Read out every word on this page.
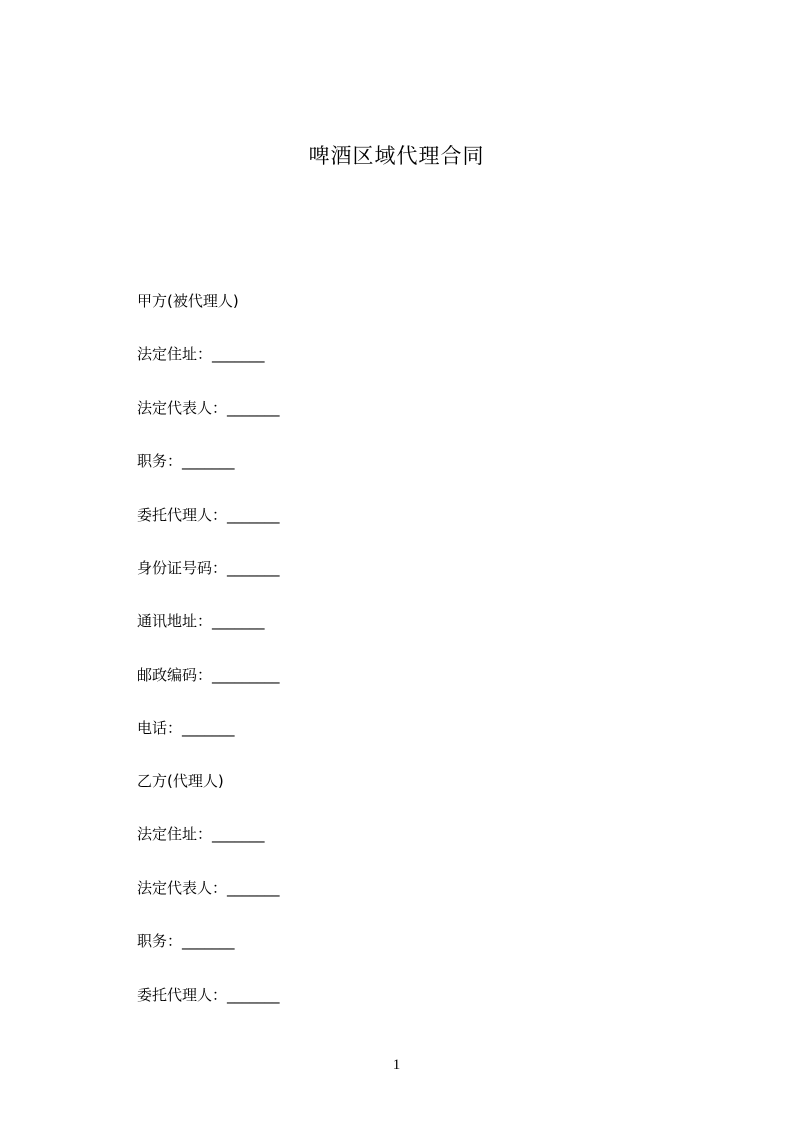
啤酒区域代理合同
甲方(被代理人)
法定住址：_______
法定代表人：_______
职务：_______
委托代理人：_______
身份证号码：_______
通讯地址：_______
邮政编码：_________
电话：_______
乙方(代理人)
法定住址：_______
法定代表人：_______
职务：_______
委托代理人：_______
1
